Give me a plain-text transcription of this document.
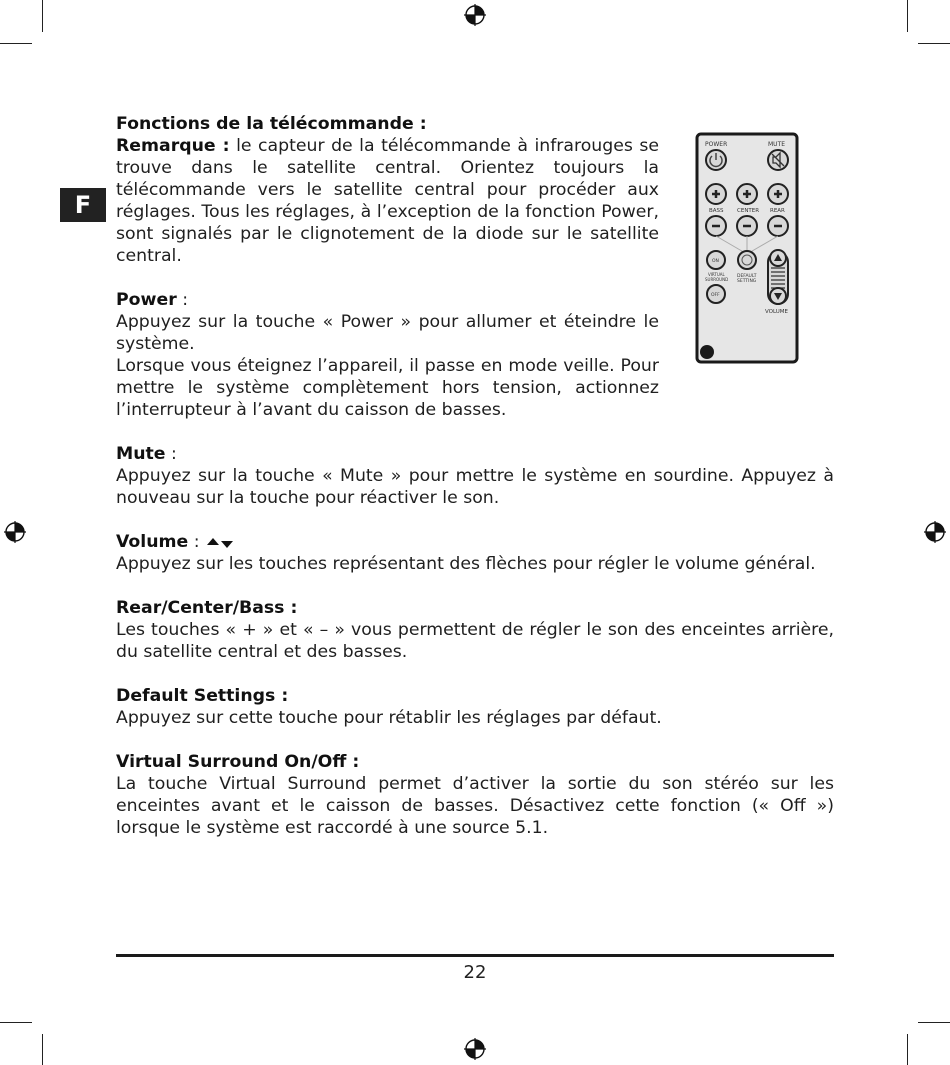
F

Fonctions de la télécommande :

Remarque : le capteur de la télécommande à infrarouges se trouve dans le satellite central. Orientez toujours la télécommande vers le satellite central pour procéder aux réglages. Tous les réglages, à l’exception de la fonction Power, sont signalés par le clignotement de la diode sur le satellite central.

Power :

Appuyez sur la touche « Power » pour allumer et éteindre le système.

Lorsque vous éteignez l’appareil, il passe en mode veille. Pour mettre le système complètement hors tension, actionnez l’interrupteur à l’avant du caisson de basses.

Mute :

Appuyez sur la touche « Mute » pour mettre le système en sourdine. Appuyez à nouveau sur la touche pour réactiver le son.

Volume :

Appuyez sur les touches représentant des flèches pour régler le volume général.

Rear/Center/Bass :

Les touches « + » et « – » vous permettent de régler le son des enceintes arrière, du satellite central et des basses.

Default Settings :

Appuyez sur cette touche pour rétablir les réglages par défaut.

Virtual Surround On/Off :

La touche Virtual Surround permet d’activer la sortie du son stéréo sur les enceintes avant et le caisson de basses. Désactivez cette fonction (« Off ») lorsque le système est raccordé à une source 5.1.

POWER	MUTE
BASS CENTER REAR
ON
VIRTUAL
SURROUND
DEFAULT
SETTING
OFF
VOLUME
22
